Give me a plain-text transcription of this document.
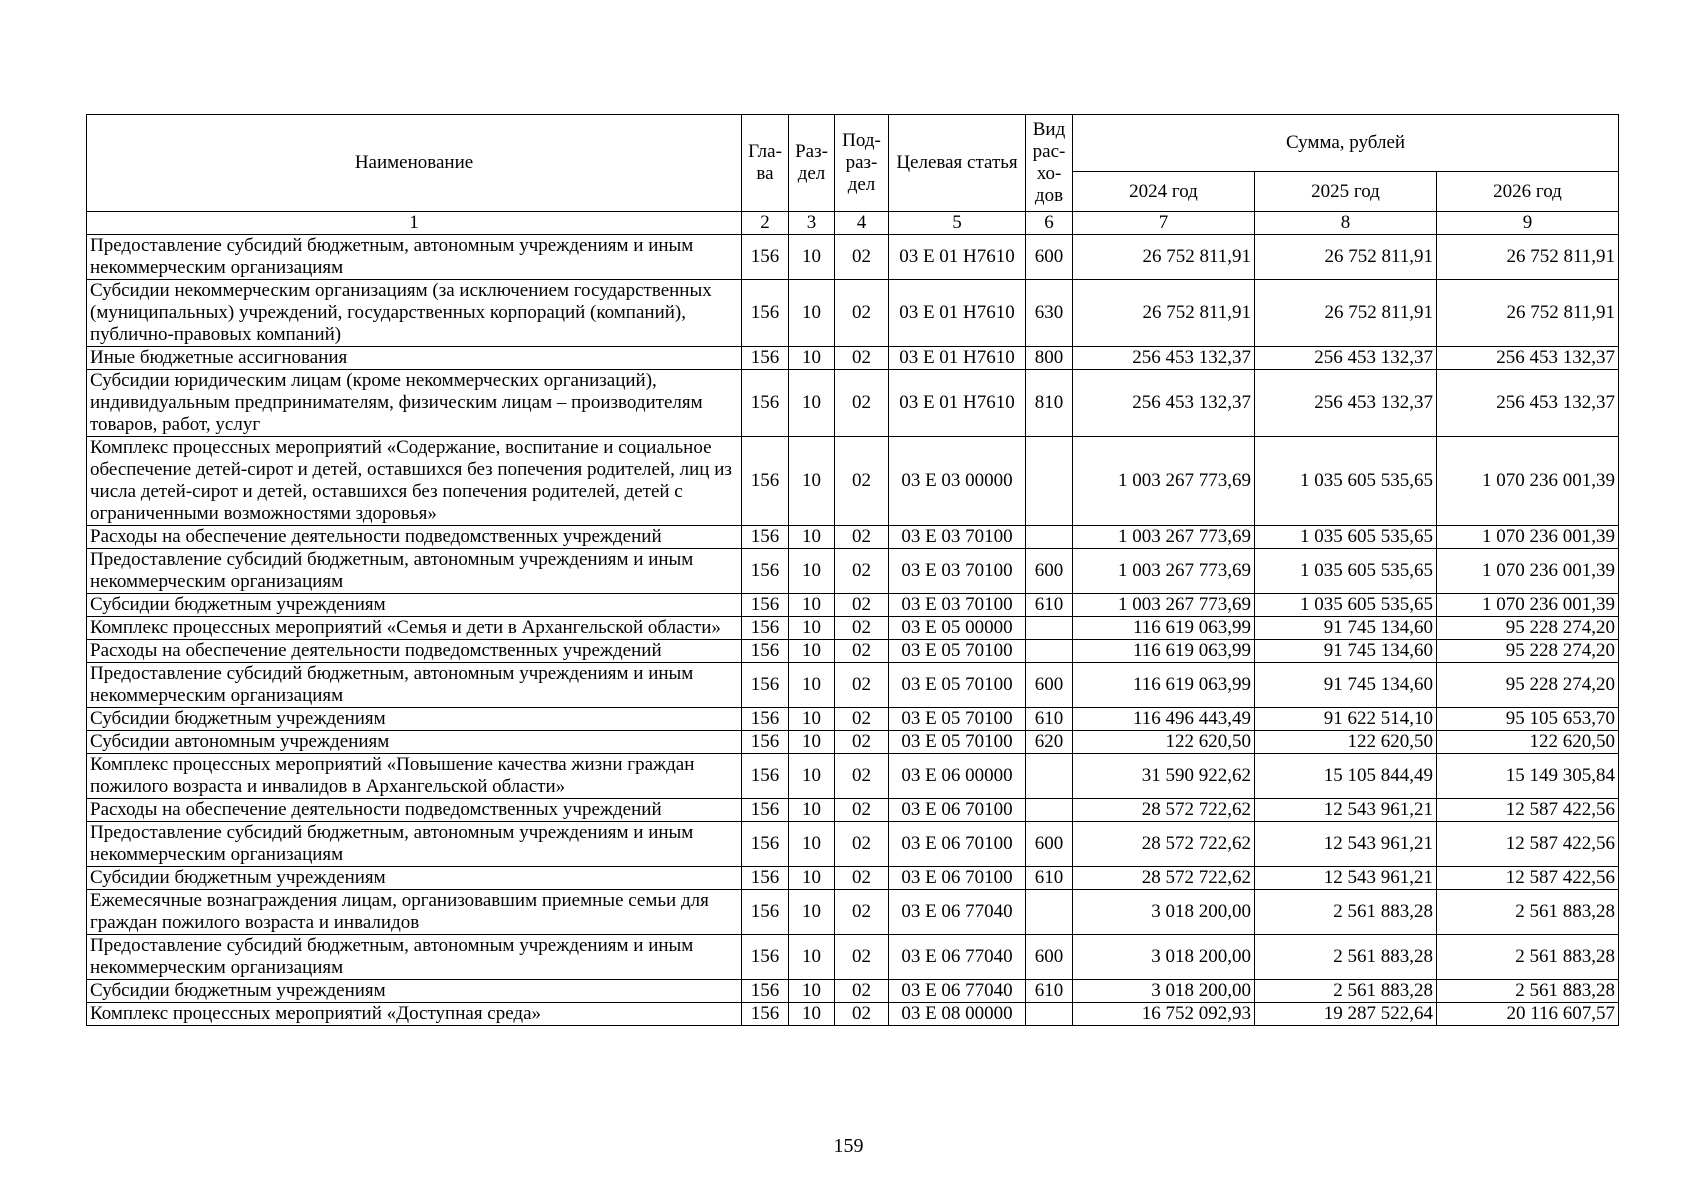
Наименование	Гла-ва	Раз-дел	Под-раз-дел	Целевая статья	Вид рас-хо-дов	Сумма, рублей		
						2024 год	2025 год	2026 год
1	2	3	4	5	6	7	8	9
Предоставление субсидий бюджетным, автономным учреждениям и иным некоммерческим организациям	156	10	02	03 Е 01 Н7610	600	26 752 811,91	26 752 811,91	26 752 811,91
Субсидии некоммерческим организациям (за исключением государственных (муниципальных) учреждений, государственных корпораций (компаний), публично-правовых компаний)	156	10	02	03 Е 01 Н7610	630	26 752 811,91	26 752 811,91	26 752 811,91
Иные бюджетные ассигнования	156	10	02	03 Е 01 Н7610	800	256 453 132,37	256 453 132,37	256 453 132,37
Субсидии юридическим лицам (кроме некоммерческих организаций), индивидуальным предпринимателям, физическим лицам – производителям товаров, работ, услуг	156	10	02	03 Е 01 Н7610	810	256 453 132,37	256 453 132,37	256 453 132,37
Комплекс процессных мероприятий «Содержание, воспитание и социальное обеспечение детей-сирот и детей, оставшихся без попечения родителей, лиц из числа детей-сирот и детей, оставшихся без попечения родителей, детей с ограниченными возможностями здоровья»	156	10	02	03 Е 03 00000		1 003 267 773,69	1 035 605 535,65	1 070 236 001,39
Расходы на обеспечение деятельности подведомственных учреждений	156	10	02	03 Е 03 70100		1 003 267 773,69	1 035 605 535,65	1 070 236 001,39
Предоставление субсидий бюджетным, автономным учреждениям и иным некоммерческим организациям	156	10	02	03 Е 03 70100	600	1 003 267 773,69	1 035 605 535,65	1 070 236 001,39
Субсидии бюджетным учреждениям	156	10	02	03 Е 03 70100	610	1 003 267 773,69	1 035 605 535,65	1 070 236 001,39
Комплекс процессных мероприятий «Семья и дети в Архангельской области»	156	10	02	03 Е 05 00000		116 619 063,99	91 745 134,60	95 228 274,20
Расходы на обеспечение деятельности подведомственных учреждений	156	10	02	03 Е 05 70100		116 619 063,99	91 745 134,60	95 228 274,20
Предоставление субсидий бюджетным, автономным учреждениям и иным некоммерческим организациям	156	10	02	03 Е 05 70100	600	116 619 063,99	91 745 134,60	95 228 274,20
Субсидии бюджетным учреждениям	156	10	02	03 Е 05 70100	610	116 496 443,49	91 622 514,10	95 105 653,70
Субсидии автономным учреждениям	156	10	02	03 Е 05 70100	620	122 620,50	122 620,50	122 620,50
Комплекс процессных мероприятий «Повышение качества жизни граждан пожилого возраста и инвалидов в Архангельской области»	156	10	02	03 Е 06 00000		31 590 922,62	15 105 844,49	15 149 305,84
Расходы на обеспечение деятельности подведомственных учреждений	156	10	02	03 Е 06 70100		28 572 722,62	12 543 961,21	12 587 422,56
Предоставление субсидий бюджетным, автономным учреждениям и иным некоммерческим организациям	156	10	02	03 Е 06 70100	600	28 572 722,62	12 543 961,21	12 587 422,56
Субсидии бюджетным учреждениям	156	10	02	03 Е 06 70100	610	28 572 722,62	12 543 961,21	12 587 422,56
Ежемесячные вознаграждения лицам, организовавшим приемные семьи для граждан пожилого возраста и инвалидов	156	10	02	03 Е 06 77040		3 018 200,00	2 561 883,28	2 561 883,28
Предоставление субсидий бюджетным, автономным учреждениям и иным некоммерческим организациям	156	10	02	03 Е 06 77040	600	3 018 200,00	2 561 883,28	2 561 883,28
Субсидии бюджетным учреждениям	156	10	02	03 Е 06 77040	610	3 018 200,00	2 561 883,28	2 561 883,28
Комплекс процессных мероприятий «Доступная среда»	156	10	02	03 Е 08 00000		16 752 092,93	19 287 522,64	20 116 607,57
159
